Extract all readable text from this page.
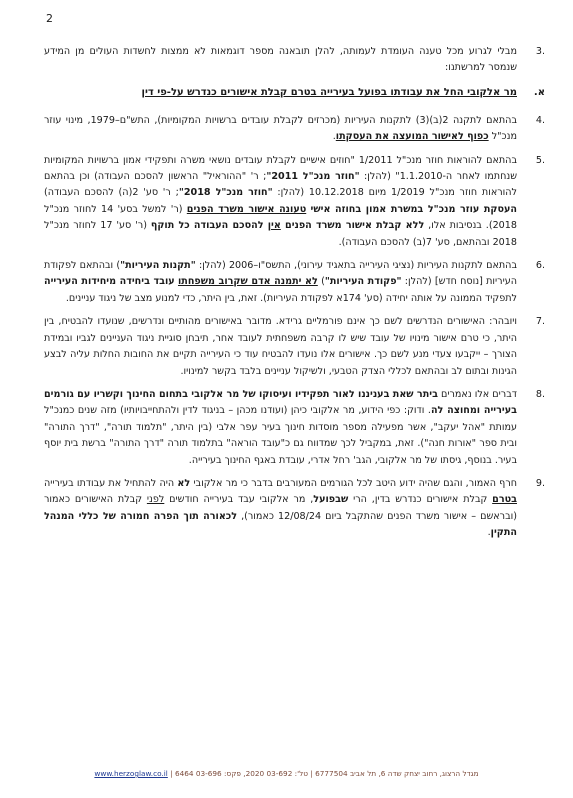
2
.3
מבלי לגרוע מכל טענה העומדת לעמותה, להלן תובאנה מספר דוגמאות לא ממצות לחשדות העולים מן המידע שנמסר למרשתנו:
א.
מר אלקובי החל את עבודתו בפועל בעירייה בטרם קבלת אישורים כנדרש על-פי דין
.4
בהתאם לתקנה 2(ב)(3) לתקנות העיריות (מכרזים לקבלת עובדים ברשויות המקומיות), התש"ם–1979, מינוי עוזר מנכ"ל כפוף לאישור המועצה את העסקתו.
.5
בהתאם להוראות חוזר מנכ"ל 1/2011 "חוזים אישיים לקבלת עובדים נושאי משרה ותפקידי אמון ברשויות המקומיות שנחתמו לאחר ה-1.1.2010" (להלן: "חוזר מנכ"ל 2011"; ר' "ההוראיל" הראשון להסכם העבודה) וכן בהתאם להוראות חוזר מנכ"ל 1/2019 מיום 10.12.2018 (להלן: "חוזר מנכ"ל 2018"; ר' סע' 2(ה) להסכם העבודה) העסקת עוזר מנכ"ל במשרת אמון בחוזה אישי טעונה אישור משרד הפנים (ר' למשל בסע' 14 לחוזר מנכ"ל 2018). בנסיבות אלו, ללא קבלת אישור משרד הפנים אין להסכם העבודה כל תוקף (ר' סע' 17 לחוזר מנכ"ל 2018 ובהתאם, סע' 7(ב) להסכם העבודה).
.6
בהתאם לתקנות העיריות (נציגי העירייה בתאגיד עירוני), התשס"ו–2006 (להלן: "תקנות העיריות") ובהתאם לפקודת העיריות [נוסח חדש] (להלן: "פקודת העיריות") לא יתמנה אדם שקרוב משפחתו עובד ביחידה מיחידות העירייה לתפקיד הממונה על אותה יחידה (סע' 174א לפקודת העיריות). זאת, בין היתר, כדי למנוע מצב של ניגוד עניינים.
.7
ויובהר: האישורים הנדרשים לשם כך אינם פורמליים גרידא. מדובר באישורים מהותיים ונדרשים, שנועדו להבטיח, בין היתר, כי טרם אישור מינויו של עובד שיש לו קרבה משפחתית לעובד אחר, תיבחן סוגיית ניגוד העניינים לגביו ובמידת הצורך – ייקבעו צעדי מנע לשם כך. אישורים אלו נועדו להבטיח עוד כי העירייה תקיים את החובות החלות עליה לבצע הגינות ובתום לב ובהתאם לכללי הצדק הטבעי, ולשיקול עניינים בלבד בקשר למינויו.
.8
דברים אלו נאמרים ביתר שאת בעניננו לאור תפקידיו ועיסוקו של מר אלקובי בתחום החינוך וקשריו עם גורמים בעירייה ומחוצה לה. ודוק: כפי הידוע, מר אלקובי כיהן (ועודנו מכהן – בניגוד לדין ולהתחייבויותיו) מזה שנים כמנכ"ל עמותת "אהל יעקב", אשר מפעילה מספר מוסדות חינוך בעיר עפר אלבי (בין היתר, "תלמוד תורה", "דרך התורה" ובית ספר "אורות חנה"). זאת, במקביל לכך שמדווח גם כ"עובד הוראה" בתלמוד תורה "דרך התורה" ברשת בית יוסף בעיר. בנוסף, גיסתו של מר אלקובי, הגב' רחל אדרי, עובדת באגף החינוך בעירייה.
.9
חרף האמור, והגם שהיה ידוע היטב לכל הגורמים המעורבים בדבר כי מר אלקובי לא היה להתחיל את עבודתו בעירייה בטרם קבלת אישורים כנדרש בדין, הרי שבפועל, מר אלקובי עבד בעירייה חודשים לפני קבלת האישורים כאמור (ובראשם – אישור משרד הפנים שהתקבל ביום 12/08/24 כאמור), לכאורה תוך הפרה חמורה של כללי המנהל התקין.
מגדל הרצוג, רחוב יצחק שדה 6, תל אביב 6777504 | טל': 03-692 2020, פקס: 03-696 6464 | www.herzoglaw.co.il
